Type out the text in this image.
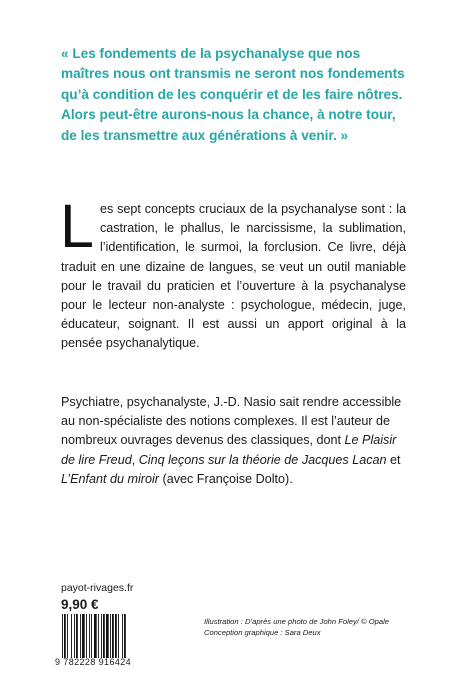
« Les fondements de la psychanalyse que nos maîtres nous ont transmis ne seront nos fondements qu’à condition de les conquérir et de les faire nôtres. Alors peut-être aurons-nous la chance, à notre tour, de les transmettre aux générations à venir. »

Les sept concepts cruciaux de la psychanalyse sont : la castration, le phallus, le narcissisme, la sublimation, l’identification, le surmoi, la forclusion. Ce livre, déjà traduit en une dizaine de langues, se veut un outil maniable pour le travail du praticien et l’ouverture à la psychanalyse pour le lecteur non-analyste : psychologue, médecin, juge, éducateur, soignant. Il est aussi un apport original à la pensée psychanalytique.

Psychiatre, psychanalyste, J.-D. Nasio sait rendre accessible au non-spécialiste des notions complexes. Il est l’auteur de nombreux ouvrages devenus des classiques, dont Le Plaisir de lire Freud, Cinq leçons sur la théorie de Jacques Lacan et L’Enfant du miroir (avec Françoise Dolto).

payot-rivages.fr

9,90 €

9 782228 916424

Illustration : D’après une photo de John Foley/ © Opale
Conception graphique : Sara Deux
